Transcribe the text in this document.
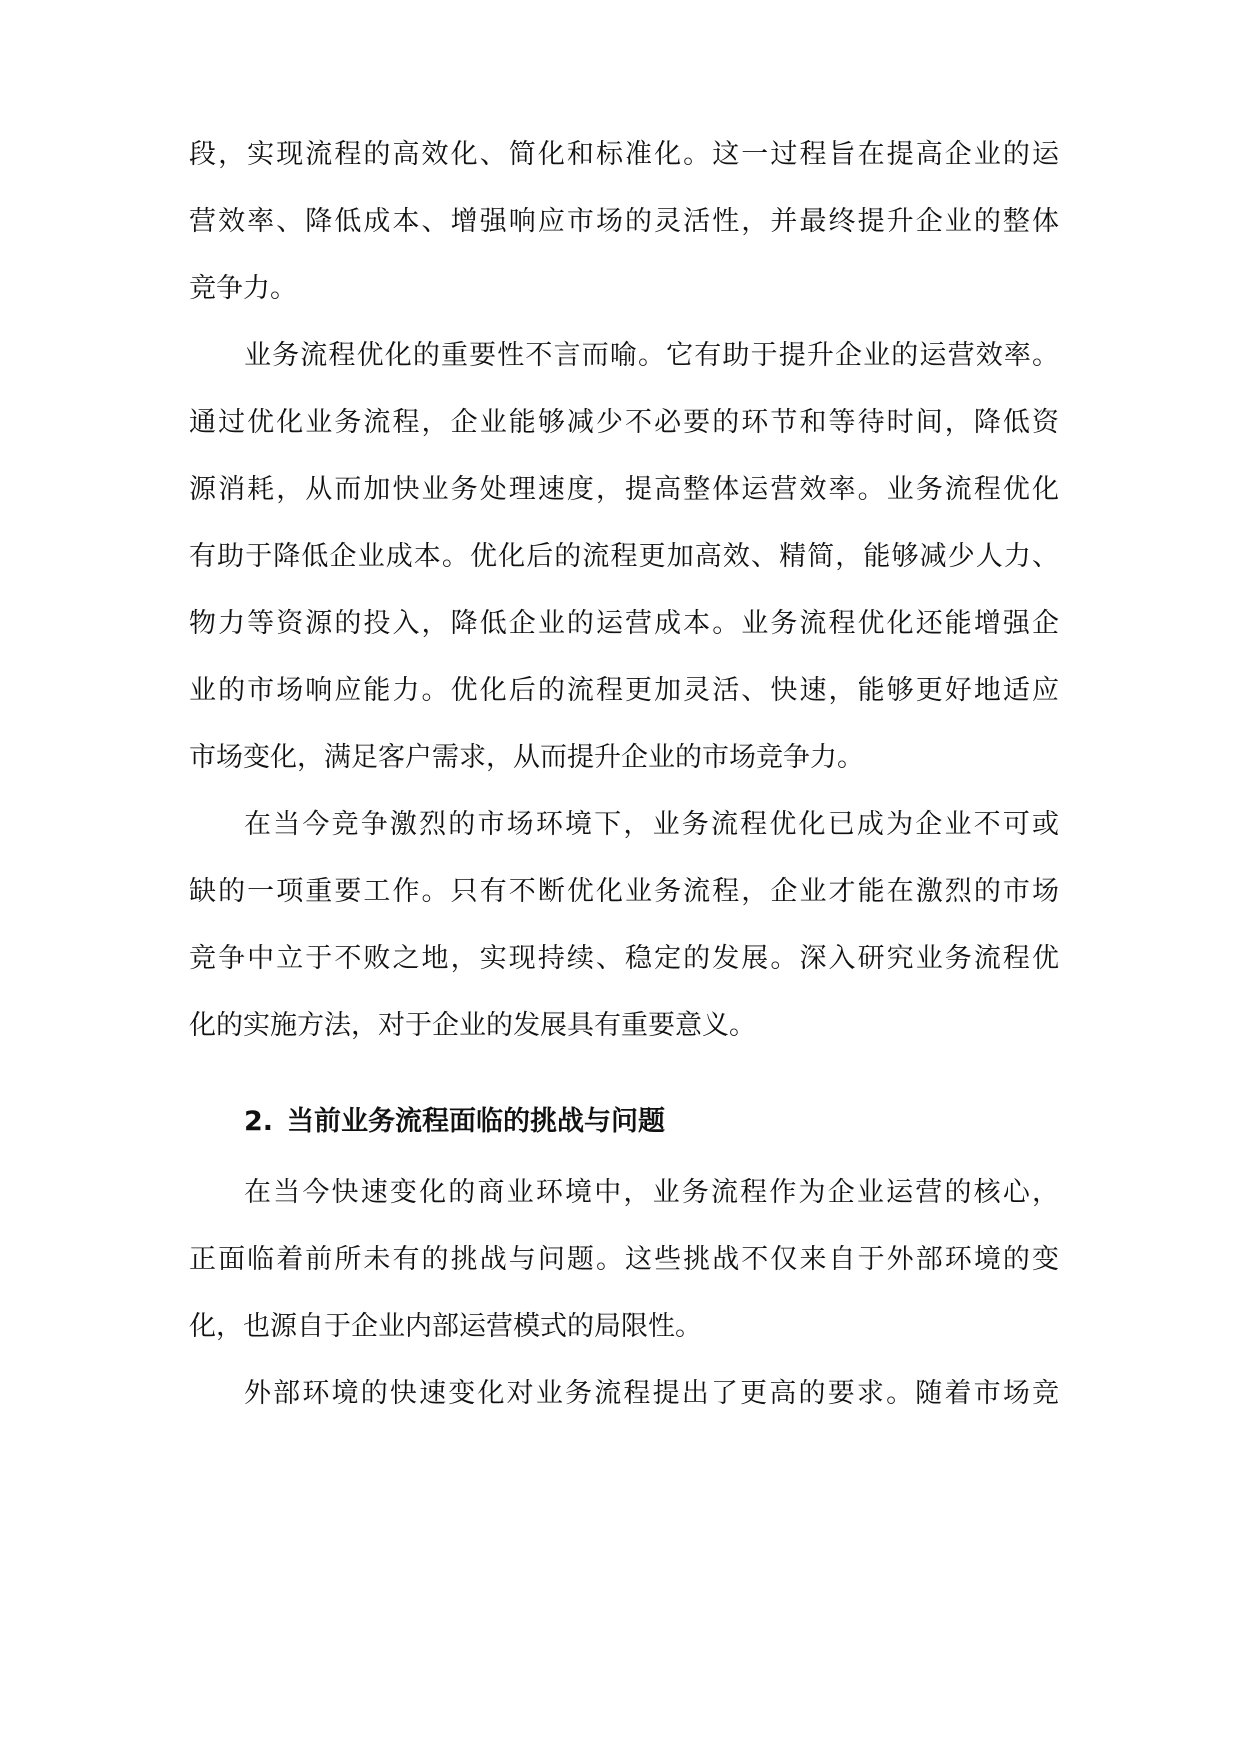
段，实现流程的高效化、简化和标准化。这一过程旨在提高企业的运

营效率、降低成本、增强响应市场的灵活性，并最终提升企业的整体

竞争力。

业务流程优化的重要性不言而喻。它有助于提升企业的运营效率。

通过优化业务流程，企业能够减少不必要的环节和等待时间，降低资

源消耗，从而加快业务处理速度，提高整体运营效率。业务流程优化

有助于降低企业成本。优化后的流程更加高效、精简，能够减少人力、

物力等资源的投入，降低企业的运营成本。业务流程优化还能增强企

业的市场响应能力。优化后的流程更加灵活、快速，能够更好地适应

市场变化，满足客户需求，从而提升企业的市场竞争力。

在当今竞争激烈的市场环境下，业务流程优化已成为企业不可或

缺的一项重要工作。只有不断优化业务流程，企业才能在激烈的市场

竞争中立于不败之地，实现持续、稳定的发展。深入研究业务流程优

化的实施方法，对于企业的发展具有重要意义。

2. 当前业务流程面临的挑战与问题

在当今快速变化的商业环境中，业务流程作为企业运营的核心，

正面临着前所未有的挑战与问题。这些挑战不仅来自于外部环境的变

化，也源自于企业内部运营模式的局限性。

外部环境的快速变化对业务流程提出了更高的要求。随着市场竞
